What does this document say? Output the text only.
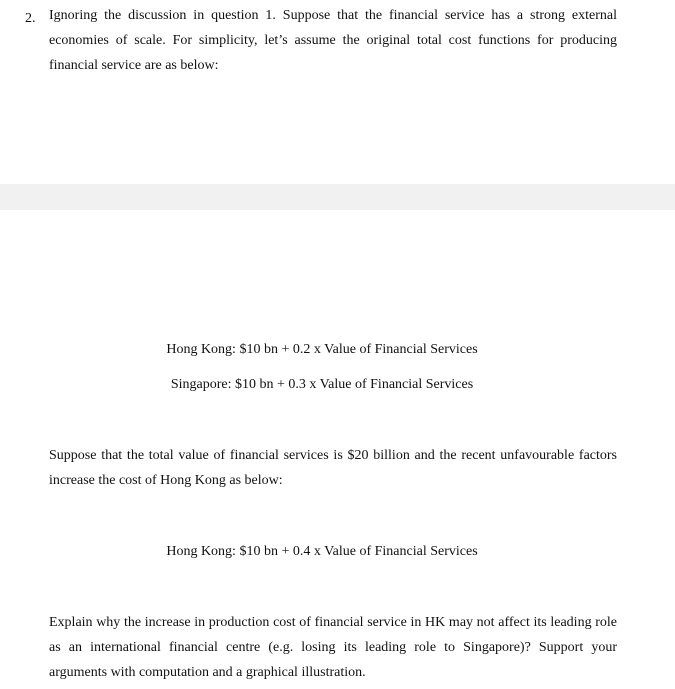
2. Ignoring the discussion in question 1. Suppose that the financial service has a strong external economies of scale. For simplicity, let’s assume the original total cost functions for producing financial service are as below:
Hong Kong: $10 bn + 0.2 x Value of Financial Services
Singapore: $10 bn + 0.3 x Value of Financial Services
Suppose that the total value of financial services is $20 billion and the recent unfavourable factors increase the cost of Hong Kong as below:
Hong Kong: $10 bn + 0.4 x Value of Financial Services
Explain why the increase in production cost of financial service in HK may not affect its leading role as an international financial centre (e.g. losing its leading role to Singapore)? Support your arguments with computation and a graphical illustration.
